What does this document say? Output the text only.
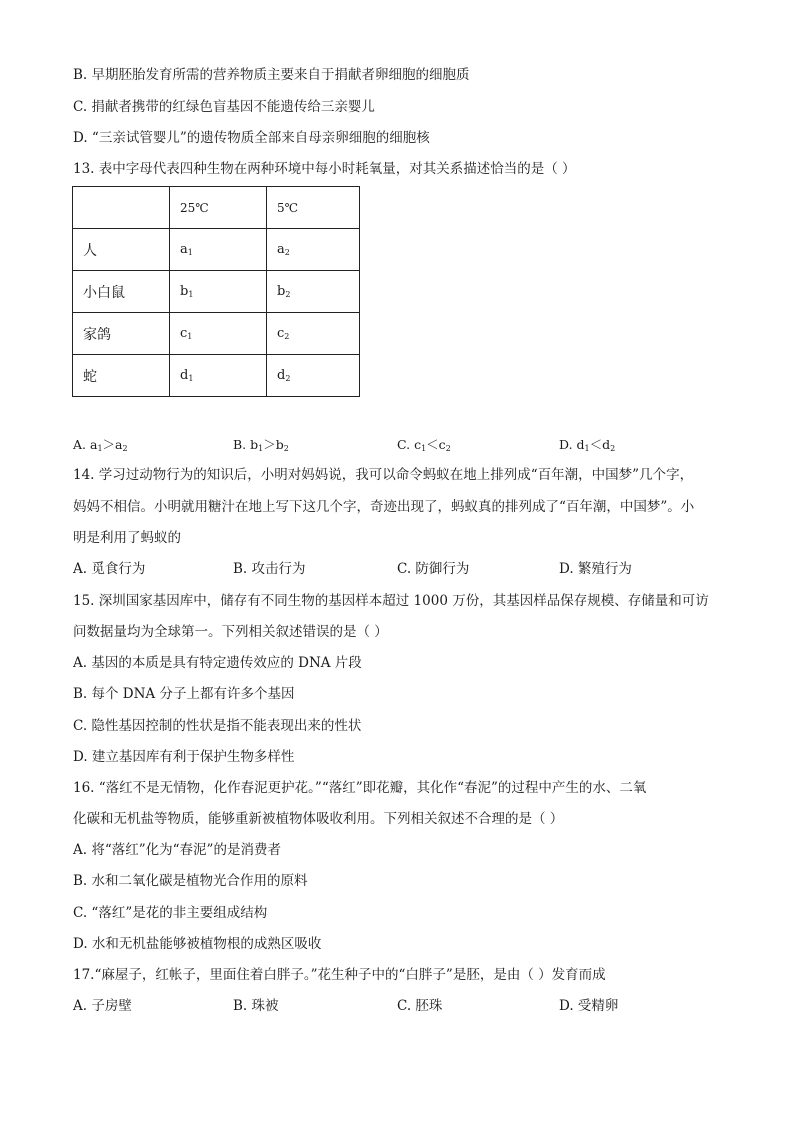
B. 早期胚胎发育所需的营养物质主要来自于捐献者卵细胞的细胞质
C. 捐献者携带的红绿色盲基因不能遗传给三亲婴儿
D. “三亲试管婴儿”的遗传物质全部来自母亲卵细胞的细胞核
13. 表中字母代表四种生物在两种环境中每小时耗氧量，对其关系描述恰当的是（ ）
	25℃	5℃
人	$a_1$	$a_2$
小白鼠	$b_1$	$b_2$
家鸽	$c_1$	$c_2$
蛇	$d_1$	$d_2$
A. $a_1>a_2$	B. $b_1>b_2$	C. $c_1<c_2$	D. $d_1<d_2$
14. 学习过动物行为的知识后，小明对妈妈说，我可以命令蚂蚁在地上排列成“百年潮，中国梦”几个字，
妈妈不相信。小明就用糖汁在地上写下这几个字，奇迹出现了，蚂蚁真的排列成了“百年潮，中国梦”。小
明是利用了蚂蚁的
A. 觅食行为	B. 攻击行为	C. 防御行为	D. 繁殖行为
15. 深圳国家基因库中，储存有不同生物的基因样本超过 1000 万份，其基因样品保存规模、存储量和可访
问数据量均为全球第一。下列相关叙述错误的是（ ）
A. 基因的本质是具有特定遗传效应的 DNA 片段
B. 每个 DNA 分子上都有许多个基因
C. 隐性基因控制的性状是指不能表现出来的性状
D. 建立基因库有利于保护生物多样性
16. “落红不是无情物，化作春泥更护花。”“落红”即花瓣，其化作“春泥”的过程中产生的水、二氧
化碳和无机盐等物质，能够重新被植物体吸收利用。下列相关叙述不合理的是（ ）
A. 将“落红”化为“春泥”的是消费者
B. 水和二氧化碳是植物光合作用的原料
C. “落红”是花的非主要组成结构
D. 水和无机盐能够被植物根的成熟区吸收
17.“麻屋子，红帐子，里面住着白胖子。”花生种子中的“白胖子”是胚，是由（ ）发育而成
A. 子房壁	B. 珠被	C. 胚珠	D. 受精卵
